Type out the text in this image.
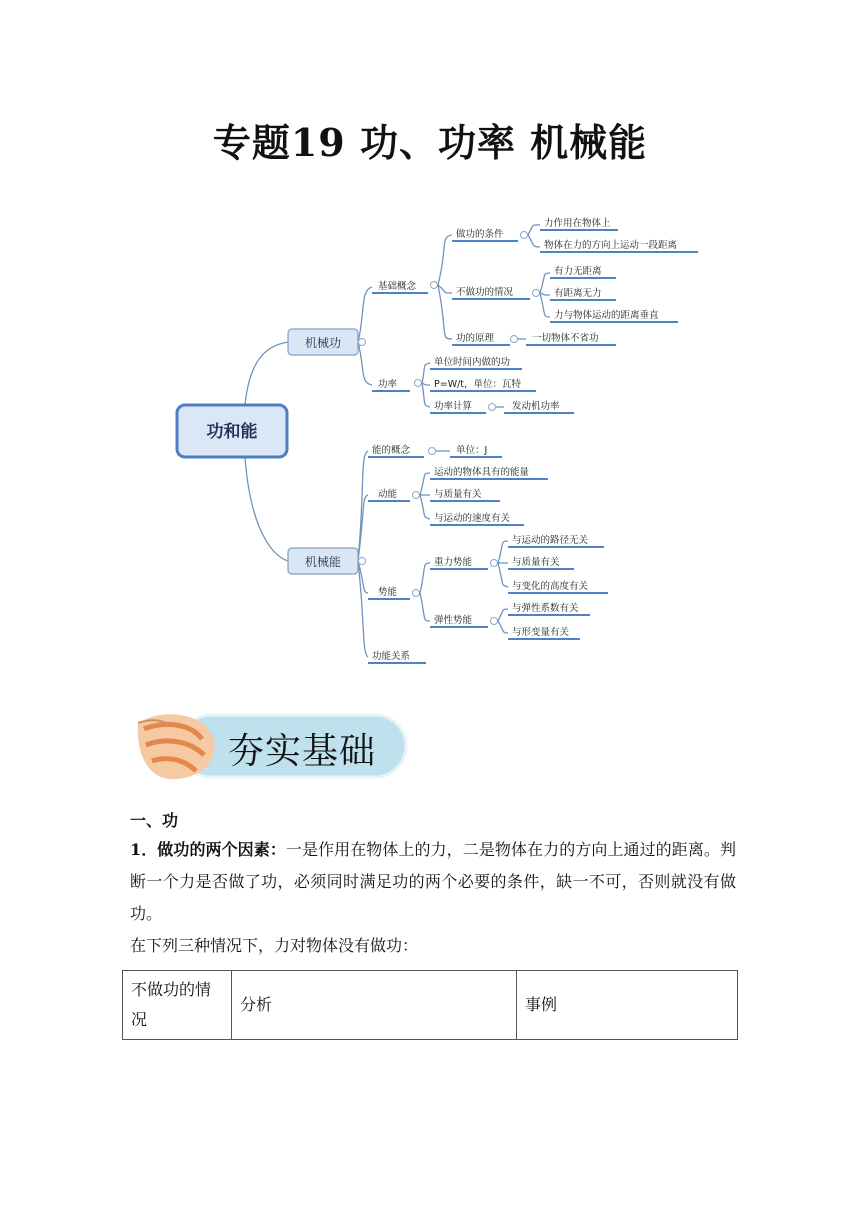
专题19 功、功率 机械能
功和能
机械功
机械能
基础概念
做功的条件
力作用在物体上
物体在力的方向上运动一段距离
不做功的情况
有力无距离
有距离无力
力与物体运动的距离垂直
功的原理	一切物体不省功
功率
单位时间内做的功
P=W/t，单位：瓦特
功率计算	发动机功率
能的概念	单位：J
动能
运动的物体具有的能量
与质量有关
与运动的速度有关
势能
重力势能
与运动的路径无关
与质量有关
与变化的高度有关
弹性势能
与弹性系数有关
与形变量有关
功能关系
夯实基础
一、功
1．做功的两个因素：一是作用在物体上的力，二是物体在力的方向上通过的距离。判断一个力是否做了功，必须同时满足功的两个必要的条件，缺一不可，否则就没有做功。
在下列三种情况下，力对物体没有做功：
不做功的情况	分析	事例
